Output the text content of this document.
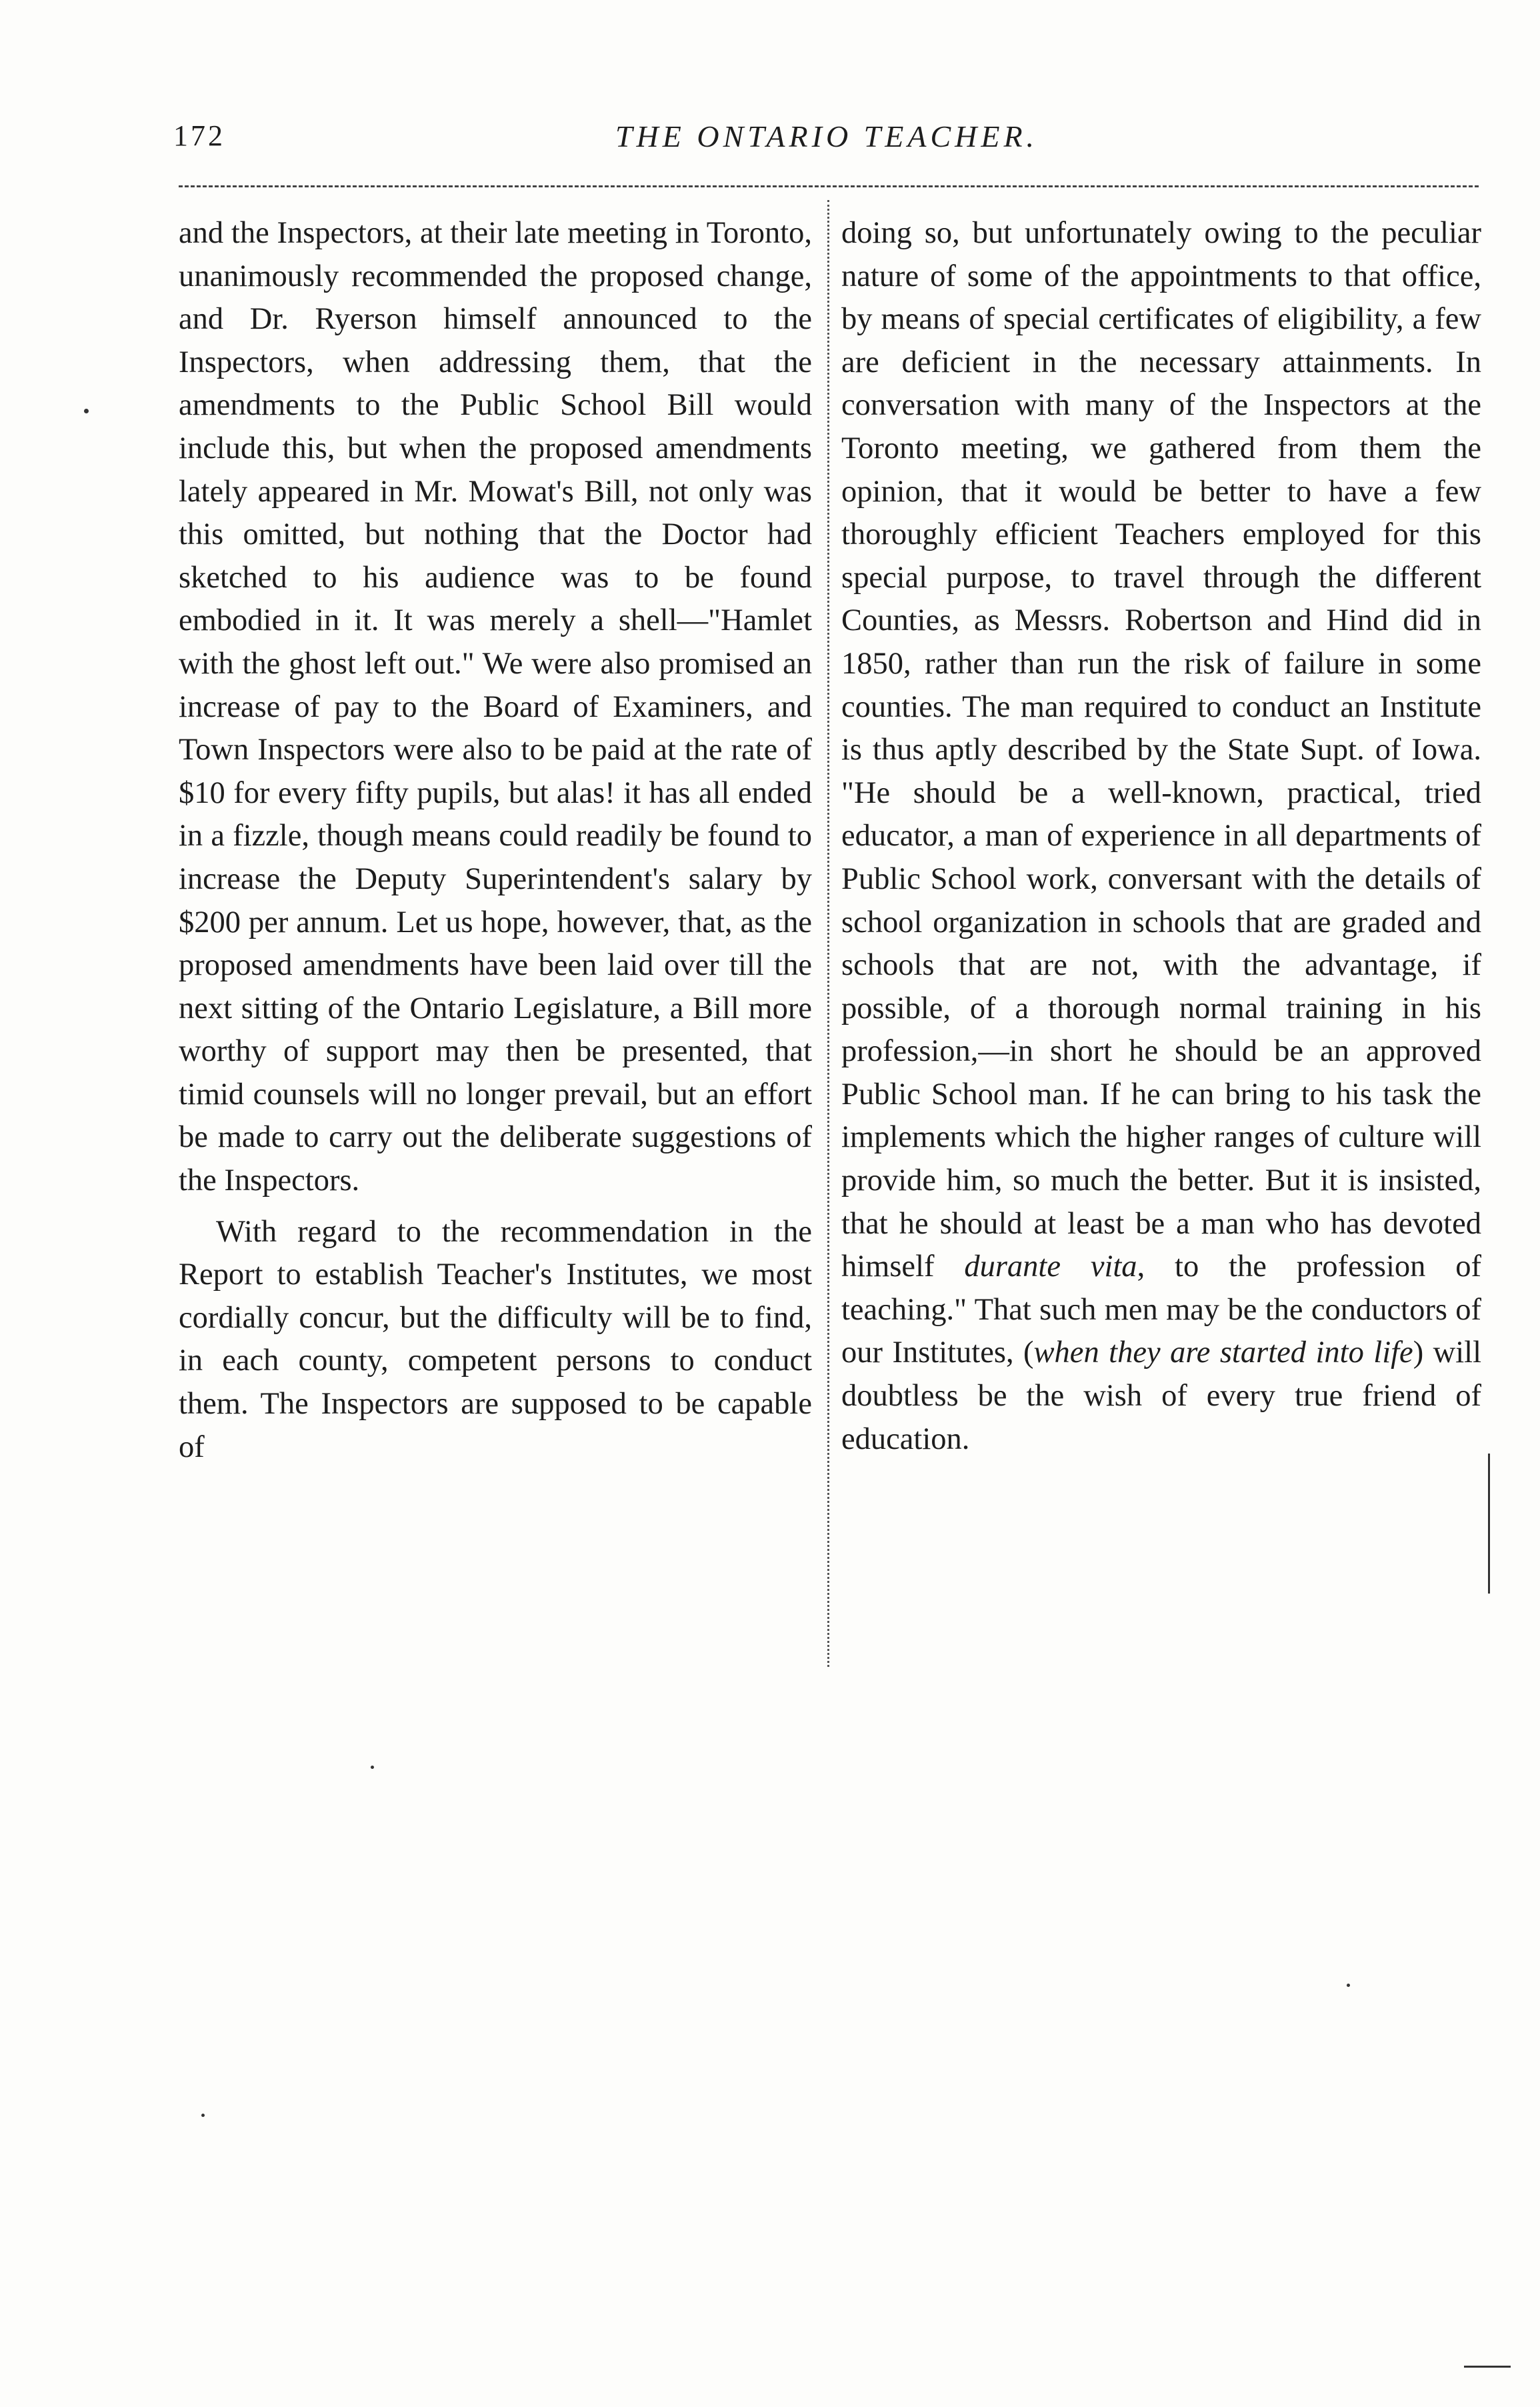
172	THE ONTARIO TEACHER.

and the Inspectors, at their late meeting in Toronto, unanimously recommended the proposed change, and Dr. Ryerson himself announced to the Inspectors, when addressing them, that the amendments to the Public School Bill would include this, but when the proposed amendments lately appeared in Mr. Mowat's Bill, not only was this omitted, but nothing that the Doctor had sketched to his audience was to be found embodied in it. It was merely a shell—"Hamlet with the ghost left out." We were also promised an increase of pay to the Board of Examiners, and Town Inspectors were also to be paid at the rate of $10 for every fifty pupils, but alas! it has all ended in a fizzle, though means could readily be found to increase the Deputy Superintendent's salary by $200 per annum. Let us hope, however, that, as the proposed amendments have been laid over till the next sitting of the Ontario Legislature, a Bill more worthy of support may then be presented, that timid counsels will no longer prevail, but an effort be made to carry out the deliberate suggestions of the Inspectors.

With regard to the recommendation in the Report to establish Teacher's Institutes, we most cordially concur, but the difficulty will be to find, in each county, competent persons to conduct them. The Inspectors are supposed to be capable of

doing so, but unfortunately owing to the peculiar nature of some of the appointments to that office, by means of special certificates of eligibility, a few are deficient in the necessary attainments. In conversation with many of the Inspectors at the Toronto meeting, we gathered from them the opinion, that it would be better to have a few thoroughly efficient Teachers employed for this special purpose, to travel through the different Counties, as Messrs. Robertson and Hind did in 1850, rather than run the risk of failure in some counties. The man required to conduct an Institute is thus aptly described by the State Supt. of Iowa. "He should be a well-known, practical, tried educator, a man of experience in all departments of Public School work, conversant with the details of school organization in schools that are graded and schools that are not, with the advantage, if possible, of a thorough normal training in his profession,—in short he should be an approved Public School man. If he can bring to his task the implements which the higher ranges of culture will provide him, so much the better. But it is insisted, that he should at least be a man who has devoted himself durante vita, to the profession of teaching." That such men may be the conductors of our Institutes, (when they are started into life) will doubtless be the wish of every true friend of education.
